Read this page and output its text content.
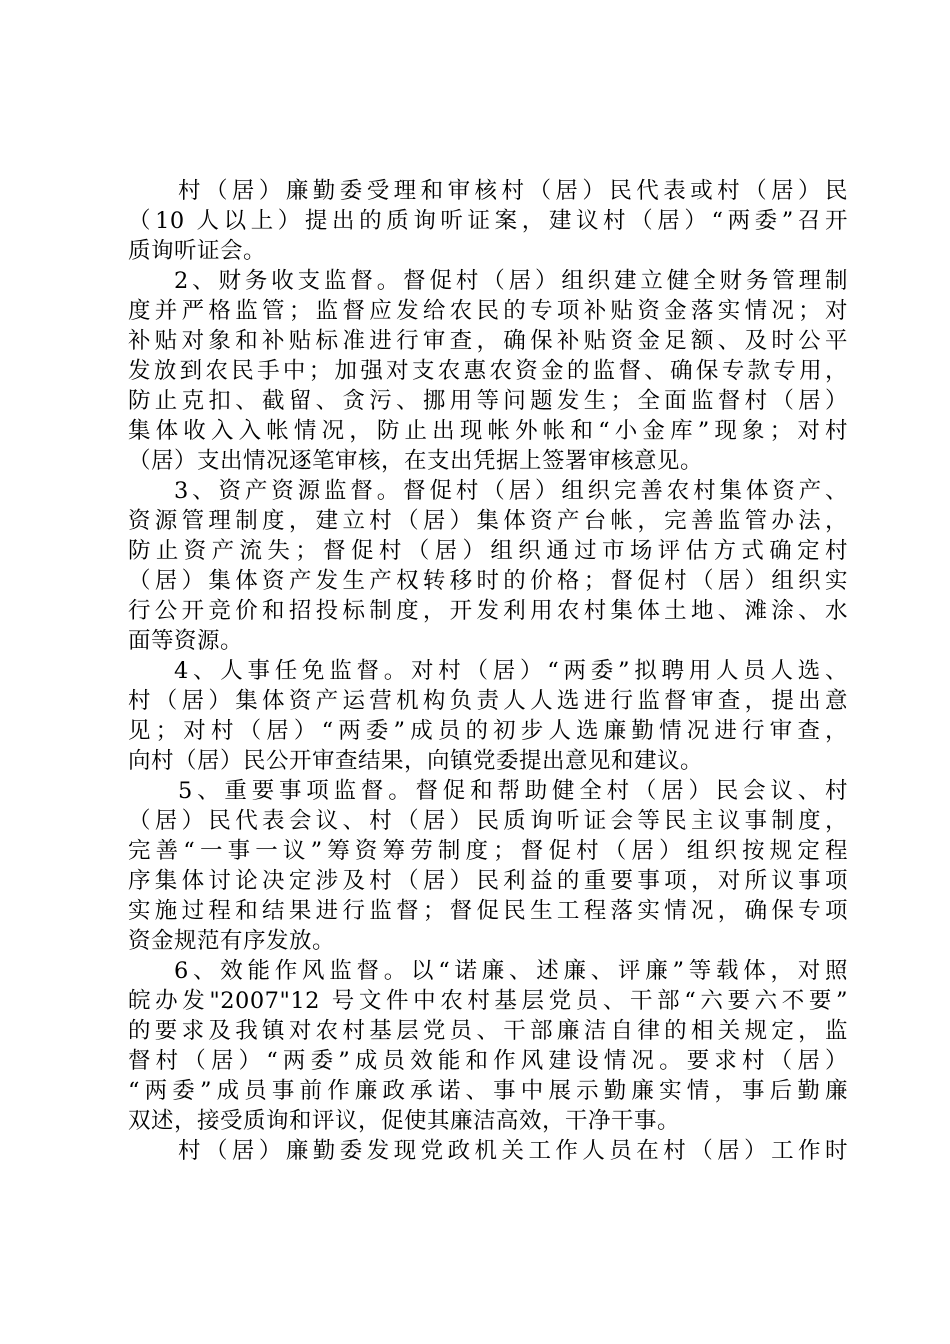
村（居）廉勤委受理和审核村（居）民代表或村（居）民
（10 人以上）提出的质询听证案，建议村（居）“两委”召开
质询听证会。
2、财务收支监督。督促村（居）组织建立健全财务管理制
度并严格监管；监督应发给农民的专项补贴资金落实情况；对
补贴对象和补贴标准进行审查，确保补贴资金足额、及时公平
发放到农民手中；加强对支农惠农资金的监督、确保专款专用，
防止克扣、截留、贪污、挪用等问题发生；全面监督村（居）
集体收入入帐情况，防止出现帐外帐和“小金库”现象；对村
（居）支出情况逐笔审核，在支出凭据上签署审核意见。
3、资产资源监督。督促村（居）组织完善农村集体资产、
资源管理制度，建立村（居）集体资产台帐，完善监管办法，
防止资产流失；督促村（居）组织通过市场评估方式确定村
（居）集体资产发生产权转移时的价格；督促村（居）组织实
行公开竞价和招投标制度，开发利用农村集体土地、滩涂、水
面等资源。
4、人事任免监督。对村（居）“两委”拟聘用人员人选、
村（居）集体资产运营机构负责人人选进行监督审查，提出意
见；对村（居）“两委”成员的初步人选廉勤情况进行审查，
向村（居）民公开审查结果，向镇党委提出意见和建议。
5、重要事项监督。督促和帮助健全村（居）民会议、村
（居）民代表会议、村（居）民质询听证会等民主议事制度，
完善“一事一议”筹资筹劳制度；督促村（居）组织按规定程
序集体讨论决定涉及村（居）民利益的重要事项，对所议事项
实施过程和结果进行监督；督促民生工程落实情况，确保专项
资金规范有序发放。
6、效能作风监督。以“诺廉、述廉、评廉”等载体，对照
皖办发"2007"12 号文件中农村基层党员、干部“六要六不要”
的要求及我镇对农村基层党员、干部廉洁自律的相关规定，监
督村（居）“两委”成员效能和作风建设情况。要求村（居）
“两委”成员事前作廉政承诺、事中展示勤廉实情，事后勤廉
双述，接受质询和评议，促使其廉洁高效，干净干事。
村（居）廉勤委发现党政机关工作人员在村（居）工作时
